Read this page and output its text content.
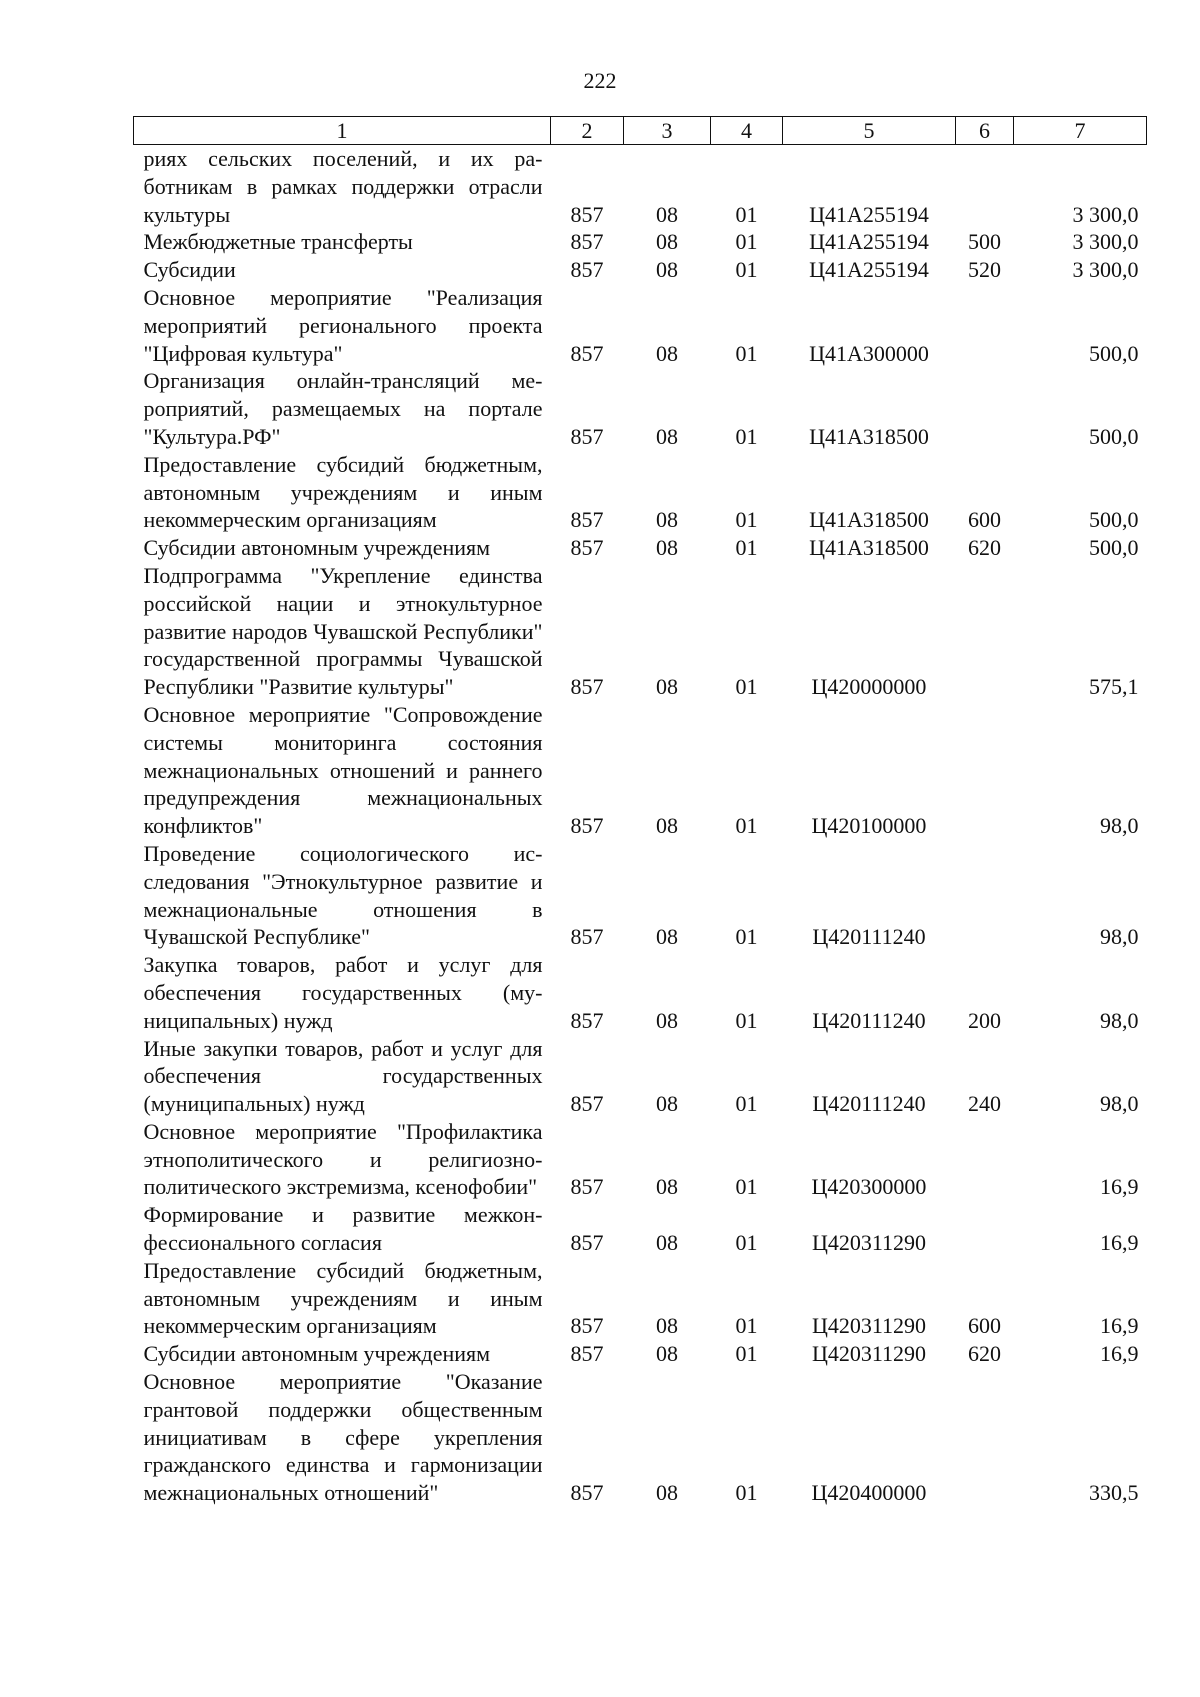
222
1	2	3	4	5	6	7
риях сельских поселений, и их работникам в рамках поддержки отрасли культуры	857	08	01	Ц41А255194		3 300,0
Межбюджетные трансферты	857	08	01	Ц41А255194	500	3 300,0
Субсидии	857	08	01	Ц41А255194	520	3 300,0
Основное мероприятие "Реализация мероприятий регионального проекта "Цифровая культура"	857	08	01	Ц41А300000		500,0
Организация онлайн-трансляций мероприятий, размещаемых на портале "Культура.РФ"	857	08	01	Ц41А318500		500,0
Предоставление субсидий бюджетным, автономным учреждениям и иным некоммерческим организациям	857	08	01	Ц41А318500	600	500,0
Субсидии автономным учреждениям	857	08	01	Ц41А318500	620	500,0
Подпрограмма "Укрепление единства российской нации и этнокультурное развитие народов Чувашской Республики" государственной программы Чувашской Республики "Развитие культуры"	857	08	01	Ц420000000		575,1
Основное мероприятие "Сопровождение системы мониторинга состояния межнациональных отношений и раннего предупреждения межнациональных конфликтов"	857	08	01	Ц420100000		98,0
Проведение социологического исследования "Этнокультурное развитие и межнациональные отношения в Чувашской Республике"	857	08	01	Ц420111240		98,0
Закупка товаров, работ и услуг для обеспечения государственных (муниципальных) нужд	857	08	01	Ц420111240	200	98,0
Иные закупки товаров, работ и услуг для обеспечения государственных (муниципальных) нужд	857	08	01	Ц420111240	240	98,0
Основное мероприятие "Профилактика этнополитического и религиозно-политического экстремизма, ксенофобии"	857	08	01	Ц420300000		16,9
Формирование и развитие межконфессионального согласия	857	08	01	Ц420311290		16,9
Предоставление субсидий бюджетным, автономным учреждениям и иным некоммерческим организациям	857	08	01	Ц420311290	600	16,9
Субсидии автономным учреждениям	857	08	01	Ц420311290	620	16,9
Основное мероприятие "Оказание грантовой поддержки общественным инициативам в сфере укрепления гражданского единства и гармонизации межнациональных отношений"	857	08	01	Ц420400000		330,5
